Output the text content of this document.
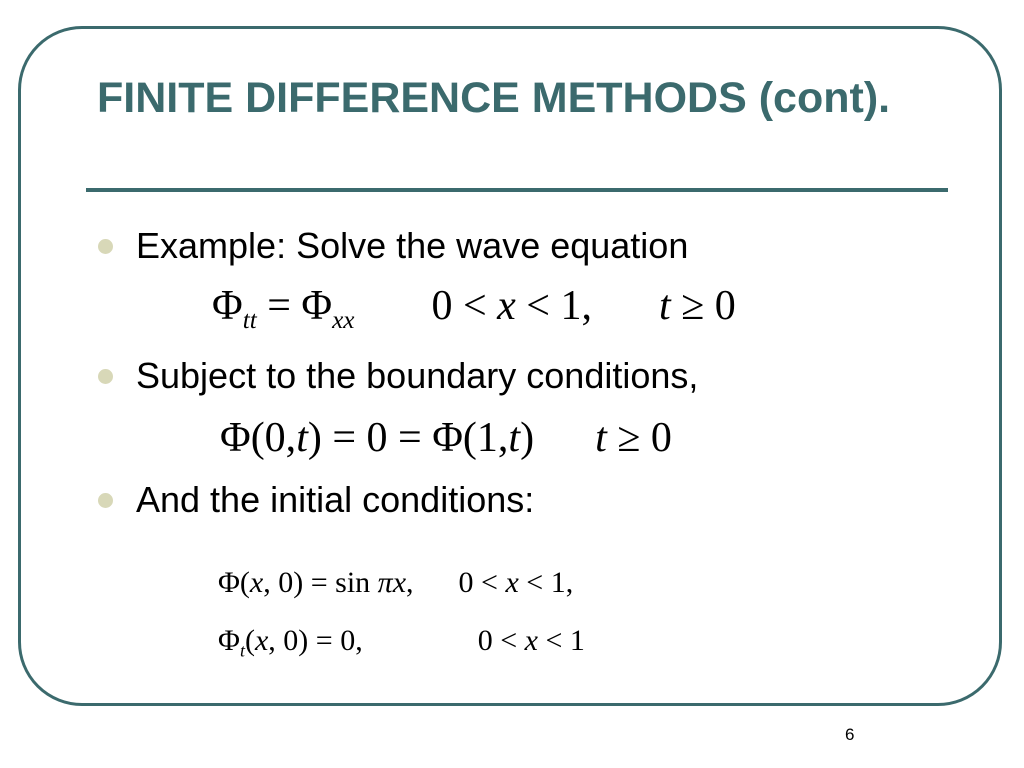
FINITE DIFFERENCE METHODS (cont).
Example: Solve the wave equation
$\Phi_{tt} = \Phi_{xx}$ 0 < x < 1, t ≥ 0
Subject to the boundary conditions,
Φ(0,t) = 0 = Φ(1,t) t ≥ 0
And the initial conditions:
Φ(x, 0) = sin πx, 0 < x < 1,
$\Phi_t(x$, 0) = 0,	0 < x < 1
6
